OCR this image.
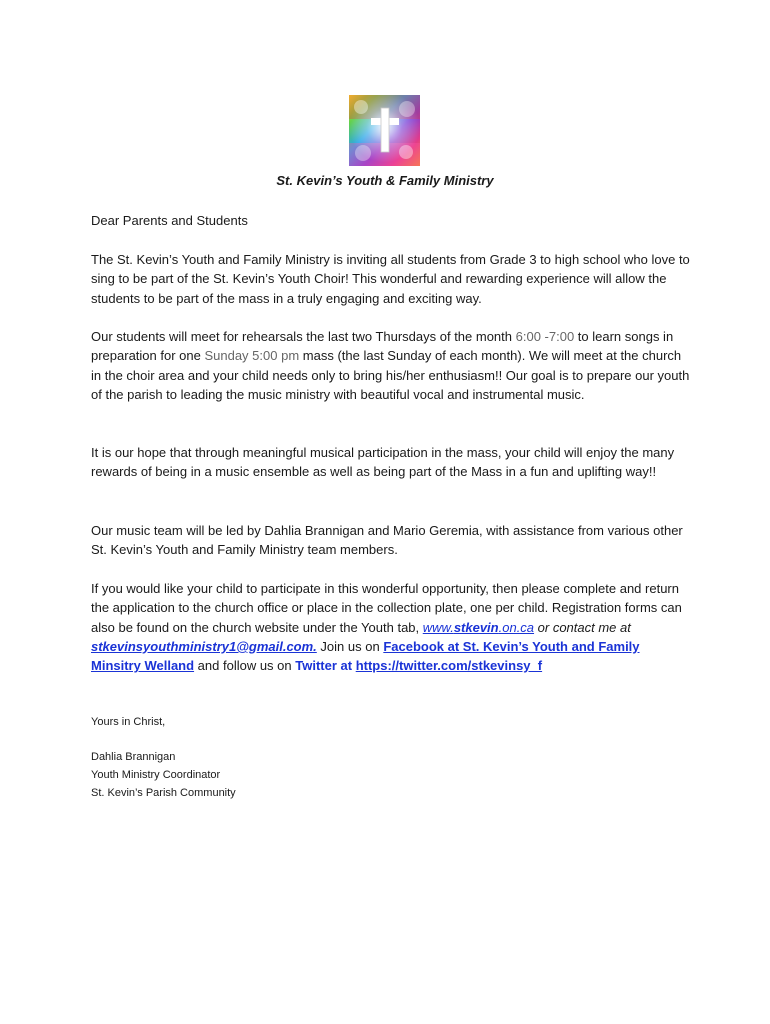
St. Kevin’s Youth & Family Ministry
Dear Parents and Students

The St. Kevin’s Youth and Family Ministry is inviting all students from Grade 3 to high school who love to sing to be part of the St. Kevin’s Youth Choir! This wonderful and rewarding experience will allow the students to be part of the mass in a truly engaging and exciting way.

Our students will meet for rehearsals the last two Thursdays of the month 6:00 -7:00 to learn songs in preparation for one Sunday 5:00 pm mass (the last Sunday of each month). We will meet at the church in the choir area and your child needs only to bring his/her enthusiasm!! Our goal is to prepare our youth of the parish to leading the music ministry with beautiful vocal and instrumental music.

It is our hope that through meaningful musical participation in the mass, your child will enjoy the many rewards of being in a music ensemble as well as being part of the Mass in a fun and uplifting way!!

Our music team will be led by Dahlia Brannigan and Mario Geremia, with assistance from various other St. Kevin’s Youth and Family Ministry team members.

If you would like your child to participate in this wonderful opportunity, then please complete and return the application to the church office or place in the collection plate, one per child. Registration forms can also be found on the church website under the Youth tab, www.stkevin.on.ca or contact me at stkevinsyouthministry1@gmail.com. Join us on Facebook at St. Kevin’s Youth and Family Minsitry Welland and follow us on Twitter at https://twitter.com/stkevinsy_f

Yours in Christ,
Dahlia Brannigan
Youth Ministry Coordinator
St. Kevin’s Parish Community
